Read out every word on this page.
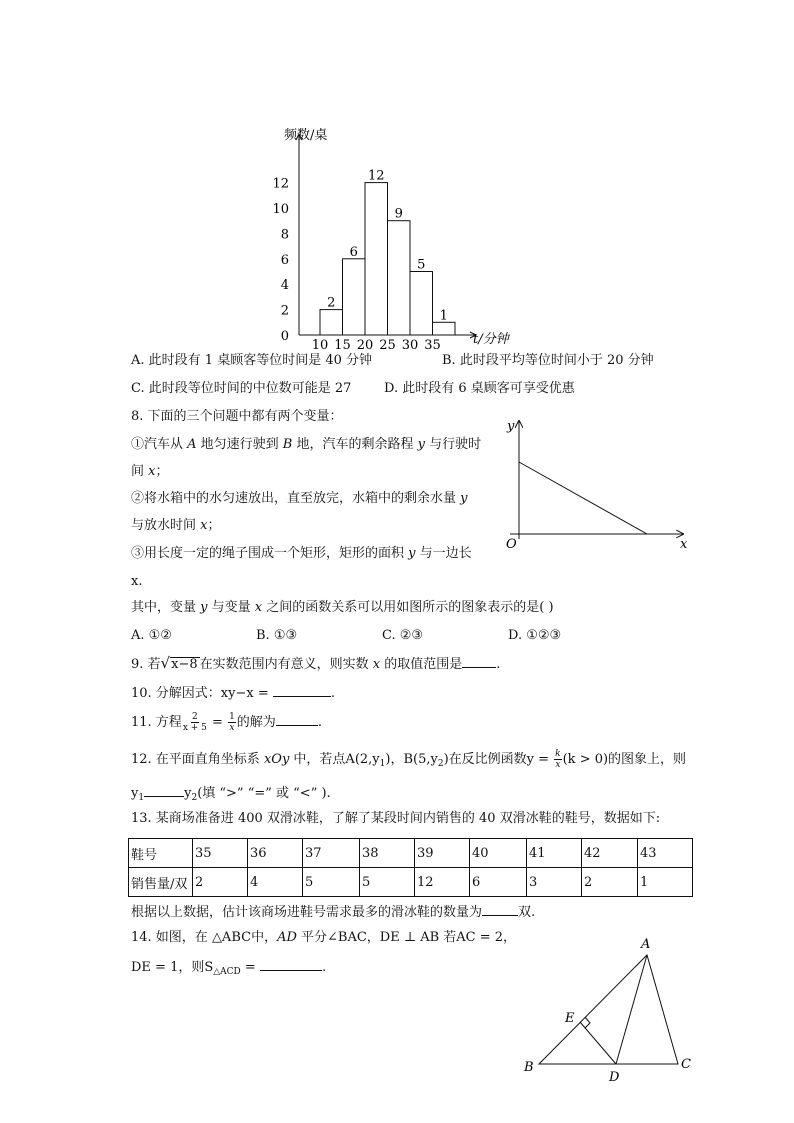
2
6
12
9
5
1
0
2
4
6
8
10
12
10 15 20 25 30 35
频数/桌
t/分钟
A. 此时段有 1 桌顾客等位时间是 40 分钟	B. 此时段平均等位时间小于 20 分钟
C. 此时段等位时间的中位数可能是 27	D. 此时段有 6 桌顾客可享受优惠
8. 下面的三个问题中都有两个变量：
①汽车从 A 地匀速行驶到 B 地，汽车的剩余路程 y 与行驶时
间 x；
②将水箱中的水匀速放出，直至放完，水箱中的剩余水量 y
与放水时间 x；
③用长度一定的绳子围成一个矩形，矩形的面积 y 与一边长
x.
其中，变量 y 与变量 x 之间的函数关系可以用如图所示的图象表示的是( )
A. ①②	B. ①③	C. ②③	D. ①②③
y
x
O
9. 若√x−8 在实数范围内有意义，则实数 x 的取值范围是	.
10. 分解因式：xy−x =	.
11. 方程 $\frac{2}{x + 5} = \frac{1}{x}$ 的解为	.
12. 在平面直角坐标系 xOy 中，若点$A(2,y_1)$，$B(5,y_2)$在反比例函数$y = \frac{k}{x} (k > 0)$的图象上，则
$y_1$	$y_2$(填 “>” “=” 或 “<” ).
13. 某商场准备进 400 双滑冰鞋，了解了某段时间内销售的 40 双滑冰鞋的鞋号，数据如下:
鞋号	35	36	37	38	39	40	41	42	43
销售量/双	2	4	5	5	12	6	3	2	1
根据以上数据，估计该商场进鞋号需求最多的滑冰鞋的数量为	双.
14. 如图，在 △ABC中，AD 平分∠BAC，DE ⊥ AB 若AC = 2，
DE = 1，则$S_{\triangle ACD}$ =	.
A
B	C
D
E
